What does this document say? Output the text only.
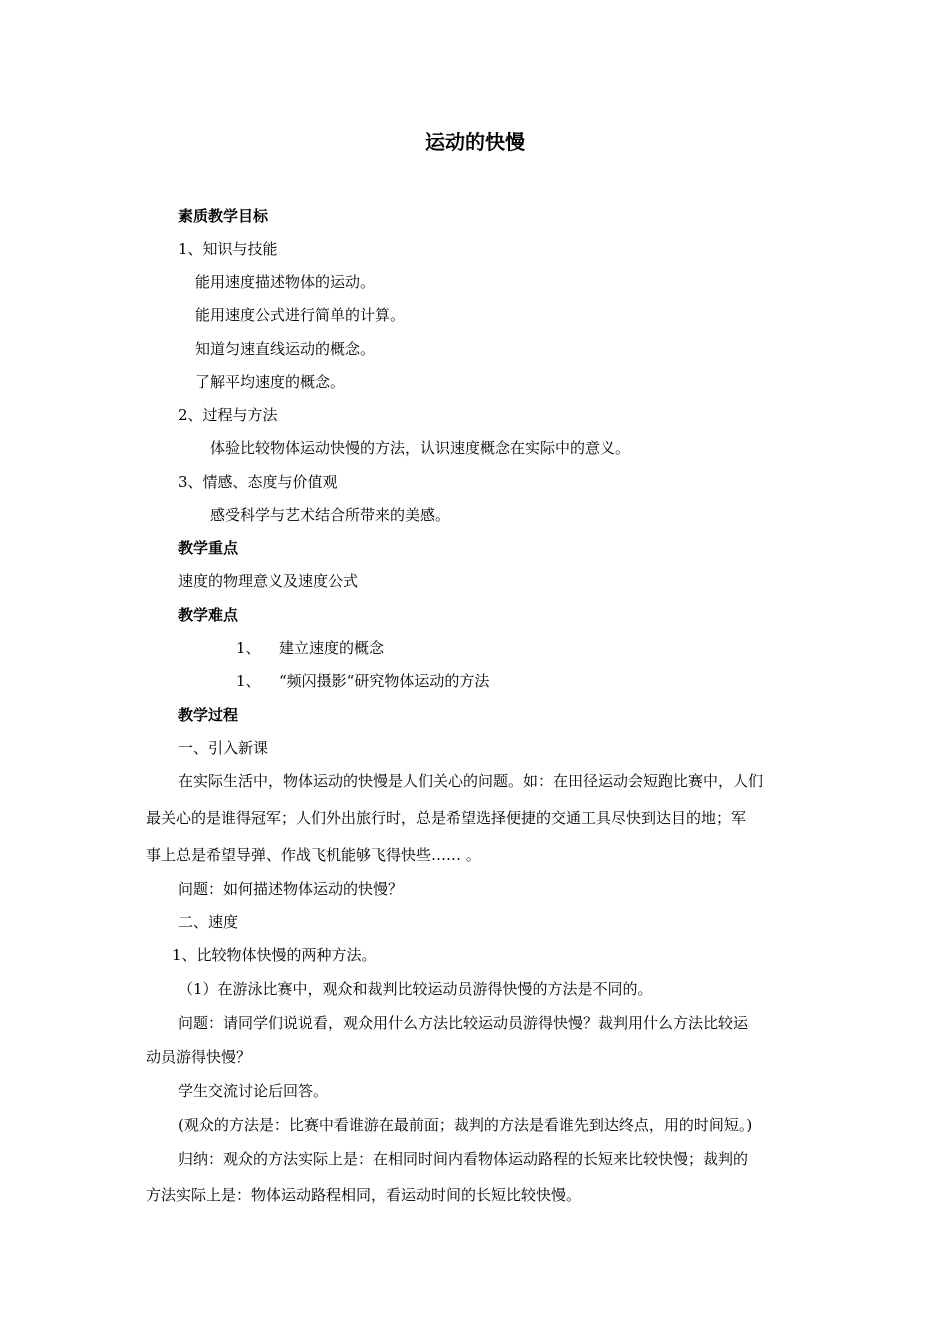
运动的快慢
素质教学目标
1、知识与技能
能用速度描述物体的运动。
能用速度公式进行简单的计算。
知道匀速直线运动的概念。
了解平均速度的概念。
2、过程与方法
体验比较物体运动快慢的方法，认识速度概念在实际中的意义。
3、情感、态度与价值观
感受科学与艺术结合所带来的美感。
教学重点
速度的物理意义及速度公式
教学难点
1、 建立速度的概念
1、 “频闪摄影“研究物体运动的方法
教学过程
一、引入新课
在实际生活中，物体运动的快慢是人们关心的问题。如：在田径运动会短跑比赛中，人们
最关心的是谁得冠军；人们外出旅行时，总是希望选择便捷的交通工具尽快到达目的地；军
事上总是希望导弹、作战飞机能够飞得快些…… 。
问题：如何描述物体运动的快慢？
二、速度
1、比较物体快慢的两种方法。
（1）在游泳比赛中，观众和裁判比较运动员游得快慢的方法是不同的。
问题：请同学们说说看，观众用什么方法比较运动员游得快慢？裁判用什么方法比较运
动员游得快慢？
学生交流讨论后回答。
(观众的方法是：比赛中看谁游在最前面；裁判的方法是看谁先到达终点，用的时间短。)
归纳：观众的方法实际上是：在相同时间内看物体运动路程的长短来比较快慢；裁判的
方法实际上是：物体运动路程相同，看运动时间的长短比较快慢。
